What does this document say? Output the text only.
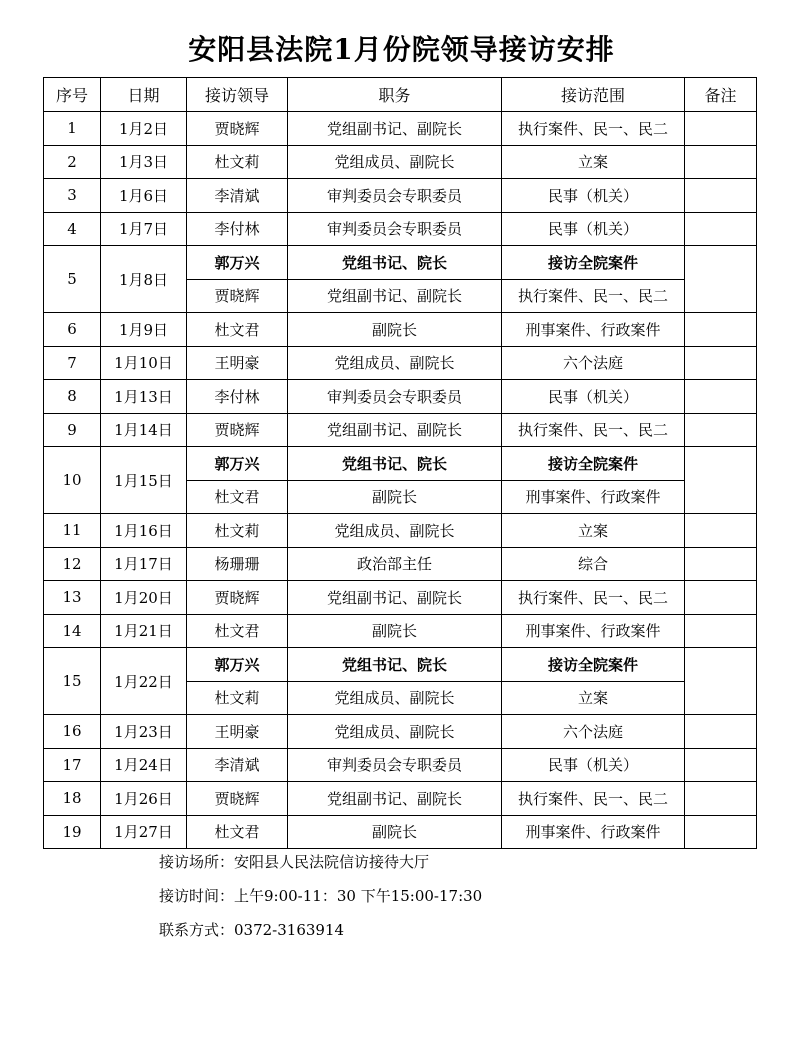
安阳县法院1月份院领导接访安排
序号	日期	接访领导	职务	接访范围	备注
1	1月2日	贾晓辉	党组副书记、副院长	执行案件、民一、民二	
2	1月3日	杜文莉	党组成员、副院长	立案	
3	1月6日	李清斌	审判委员会专职委员	民事（机关）	
4	1月7日	李付林	审判委员会专职委员	民事（机关）	
5	1月8日	郭万兴	党组书记、院长	接访全院案件	
		贾晓辉	党组副书记、副院长	执行案件、民一、民二	
6	1月9日	杜文君	副院长	刑事案件、行政案件	
7	1月10日	王明豪	党组成员、副院长	六个法庭	
8	1月13日	李付林	审判委员会专职委员	民事（机关）	
9	1月14日	贾晓辉	党组副书记、副院长	执行案件、民一、民二	
10	1月15日	郭万兴	党组书记、院长	接访全院案件	
		杜文君	副院长	刑事案件、行政案件	
11	1月16日	杜文莉	党组成员、副院长	立案	
12	1月17日	杨珊珊	政治部主任	综合	
13	1月20日	贾晓辉	党组副书记、副院长	执行案件、民一、民二	
14	1月21日	杜文君	副院长	刑事案件、行政案件	
15	1月22日	郭万兴	党组书记、院长	接访全院案件	
		杜文莉	党组成员、副院长	立案	
16	1月23日	王明豪	党组成员、副院长	六个法庭	
17	1月24日	李清斌	审判委员会专职委员	民事（机关）	
18	1月26日	贾晓辉	党组副书记、副院长	执行案件、民一、民二	
19	1月27日	杜文君	副院长	刑事案件、行政案件	
接访场所：安阳县人民法院信访接待大厅
接访时间：上午9:00-11：30 下午15:00-17:30
联系方式：0372-3163914
